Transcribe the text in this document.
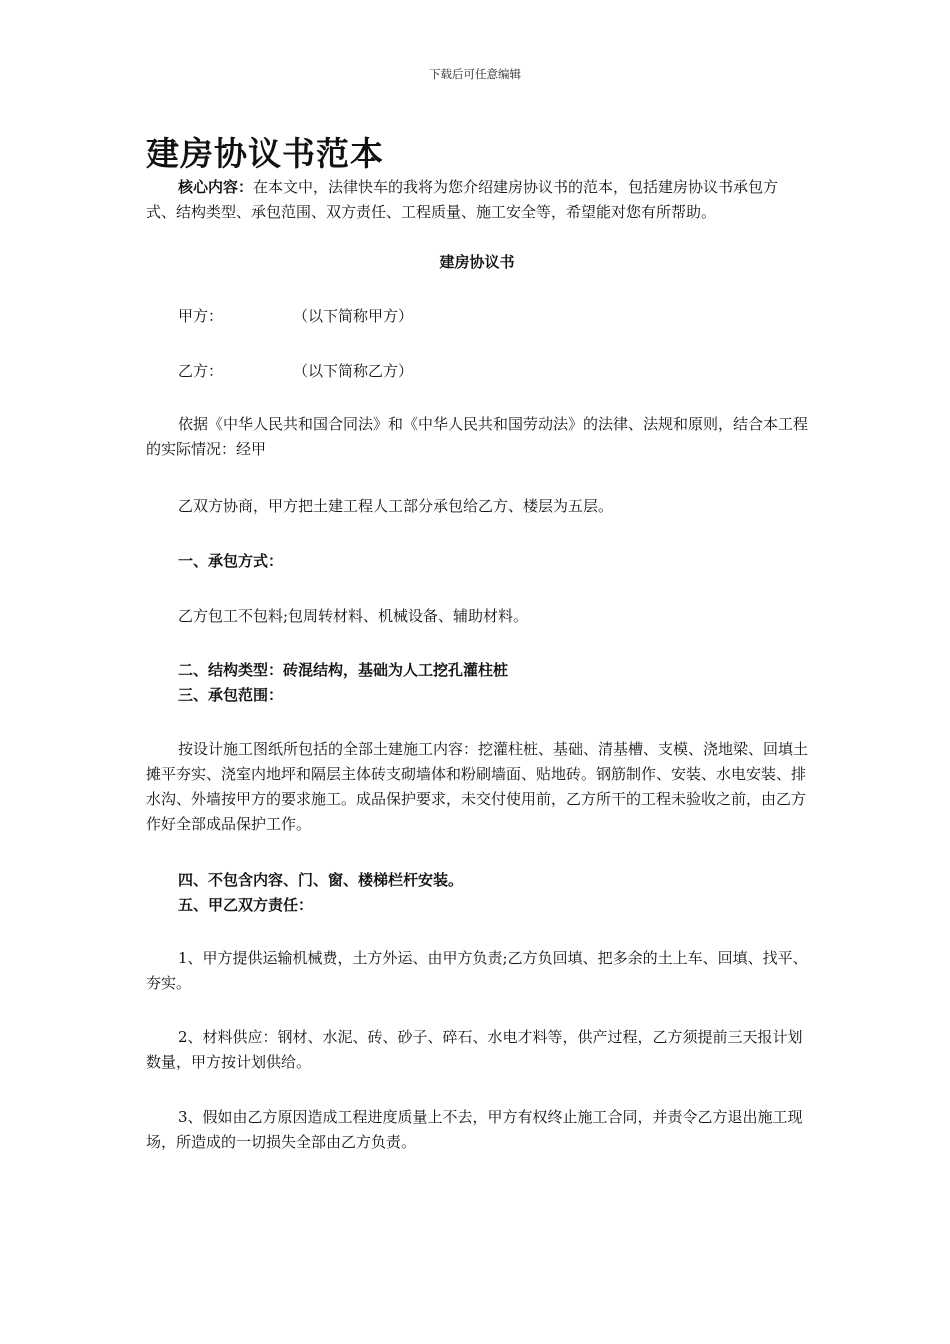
下载后可任意编辑
建房协议书范本

核心内容：在本文中，法律快车的我将为您介绍建房协议书的范本，包括建房协议书承包方式、结构类型、承包范围、双方责任、工程质量、施工安全等，希望能对您有所帮助。

建房协议书

甲方：	（以下简称甲方）

乙方：	（以下简称乙方）

依据《中华人民共和国合同法》和《中华人民共和国劳动法》的法律、法规和原则，结合本工程的实际情况：经甲

乙双方协商，甲方把土建工程人工部分承包给乙方、楼层为五层。

一、承包方式：

乙方包工不包料;包周转材料、机械设备、辅助材料。

二、结构类型：砖混结构，基础为人工挖孔灌柱桩

三、承包范围：

按设计施工图纸所包括的全部土建施工内容：挖灌柱桩、基础、清基槽、支模、浇地梁、回填土摊平夯实、浇室内地坪和隔层主体砖支砌墙体和粉刷墙面、贴地砖。钢筋制作、安装、水电安装、排水沟、外墙按甲方的要求施工。成品保护要求，未交付使用前，乙方所干的工程未验收之前，由乙方作好全部成品保护工作。

四、不包含内容、门、窗、楼梯栏杆安装。

五、甲乙双方责任：

1、甲方提供运输机械费，土方外运、由甲方负责;乙方负回填、把多余的土上车、回填、找平、夯实。

2、材料供应：钢材、水泥、砖、砂子、碎石、水电才料等，供产过程，乙方须提前三天报计划数量，甲方按计划供给。

3、假如由乙方原因造成工程进度质量上不去，甲方有权终止施工合同，并责令乙方退出施工现场，所造成的一切损失全部由乙方负责。
